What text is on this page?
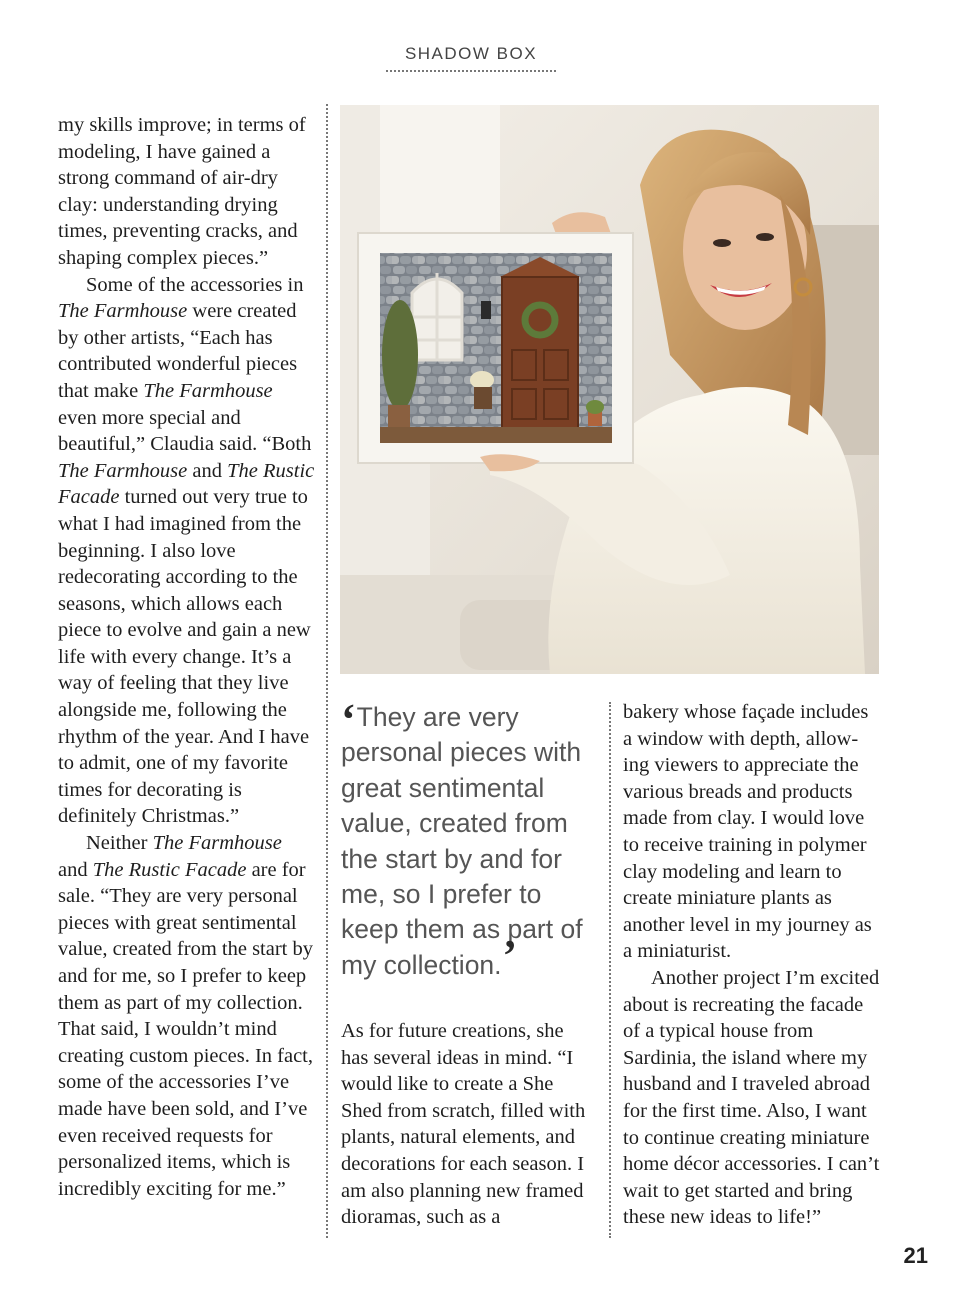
SHADOW BOX

my skills improve; in terms of modeling, I have gained a strong command of air-dry clay: understanding drying times, preventing cracks, and shaping complex pieces.”

Some of the accessories in The Farmhouse were created by other artists, “Each has contributed wonderful pieces that make The Farmhouse even more special and beautiful,” Claudia said. “Both The Farmhouse and The Rustic Facade turned out very true to what I had imagined from the beginning. I also love redecorating according to the seasons, which allows each piece to evolve and gain a new life with every change. It’s a way of feeling that they live alongside me, following the rhythm of the year. And I have to admit, one of my favorite times for decorating is definitely Christmas.”

Neither The Farmhouse and The Rustic Facade are for sale. “They are very personal pieces with great sentimental value, created from the start by and for me, so I prefer to keep them as part of my collection. That said, I wouldn’t mind creating custom pieces. In fact, some of the accessories I’ve made have been sold, and I’ve even received requests for personalized items, which is incredibly exciting for me.”

‘They are very personal pieces with great sentimental value, created from the start by and for me, so I prefer to keep them as part of my collection.’

As for future creations, she has several ideas in mind. “I would like to create a She Shed from scratch, filled with plants, natural elements, and decorations for each season. I am also planning new framed dioramas, such as a

bakery whose façade includes a window with depth, allow-ing viewers to appreciate the various breads and products made from clay. I would love to receive training in polymer clay modeling and learn to create miniature plants as another level in my journey as a miniaturist.

Another project I’m excited about is recreating the facade of a typical house from Sardinia, the island where my husband and I traveled abroad for the first time. Also, I want to continue creating miniature home décor accessories. I can’t wait to get started and bring these new ideas to life!”

21
